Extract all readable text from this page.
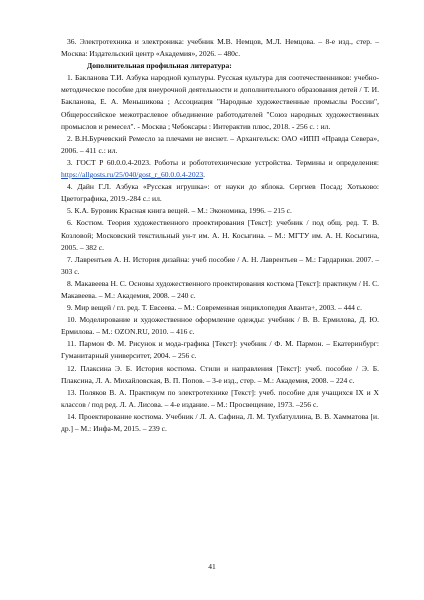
36. Электротехника и электроника: учебник М.В. Немцов, М.Л. Немцова. – 8-е изд., стер. – Москва: Издательский центр «Академия», 2026. – 480с.

Дополнительная профильная литература:

1. Бакланова Т.И. Азбука народной культуры. Русская культура для соотечественников: учебно-методическое пособие для внеурочной деятельности и дополнительного образования детей / Т. И. Бакланова, Е. А. Меньшикова ; Ассоциация "Народные художественные промыслы России", Общероссийское межотраслевое объединение работодателей "Союз народных художественных промыслов и ремесел". - Москва ; Чебоксары : Интерактив плюс, 2018. - 256 с. : ил.

2. В.Н.Бурчевский Ремесло за плечами не виснет. – Архангельск: ОАО «ИПП «Правда Севера», 2006. – 411 с.: ил.

3. ГОСТ Р 60.0.0.4-2023. Роботы и робототехнические устройства. Термины и определения: https://allgosts.ru/25/040/gost_r_60.0.0.4-2023.

4. Дайн Г.Л. Азбука «Русская игрушка»: от науки до яблока. Сергиев Посад; Хотьково: Цветографика, 2019.-284 с.: ил.

5. К.А. Буровик Красная книга вещей. – М.: Экономика, 1996. – 215 с.

6. Костюм. Теория художественного проектирования [Текст]: учебник / под общ. ред. Т. В. Козловой; Московский текстильный ун-т им. А. Н. Косыгина. – М.: МГТУ им. А. Н. Косыгина, 2005. – 382 с.

7. Лаврентьев А. Н. История дизайна: учеб пособие / А. Н. Лаврентьев – М.: Гардарики. 2007. – 303 с.

8. Макавеева Н. С. Основы художественного проектирования костюма [Текст]: практикум / Н. С. Макавеева. – М.: Академия, 2008. – 240 с.

9. Мир вещей / гл. ред. Т. Евсеева. – М.: Современная энциклопедия Аванта+, 2003. – 444 с.

10. Моделирование и художественное оформление одежды: учебник / В. В. Ермилова, Д. Ю. Ермилова. – М.: OZON.RU, 2010. – 416 с.

11. Пармон Ф. М. Рисунок и мода-графика [Текст]: учебник / Ф. М. Пармон. – Екатеринбург: Гуманитарный университет, 2004. – 256 с.

12. Плаксина Э. Б. История костюма. Стили и направления [Текст]: учеб. пособие / Э. Б. Плаксина, Л. А. Михайловская, В. П. Попов. – 3-е изд., стер. – М.: Академия, 2008. – 224 с.

13. Поляков В. А. Практикум по электротехнике [Текст]: учеб. пособие для учащихся IX и X классов / под ред. Л. А. Лисова. – 4-е издание. – М.: Просвещение, 1973. –256 с.

14. Проектирование костюма. Учебник / Л. А. Сафина, Л. М. Тухбатуллина, В. В. Хамматова [и. др.] – М.: Инфа-М, 2015. – 239 с.

41
